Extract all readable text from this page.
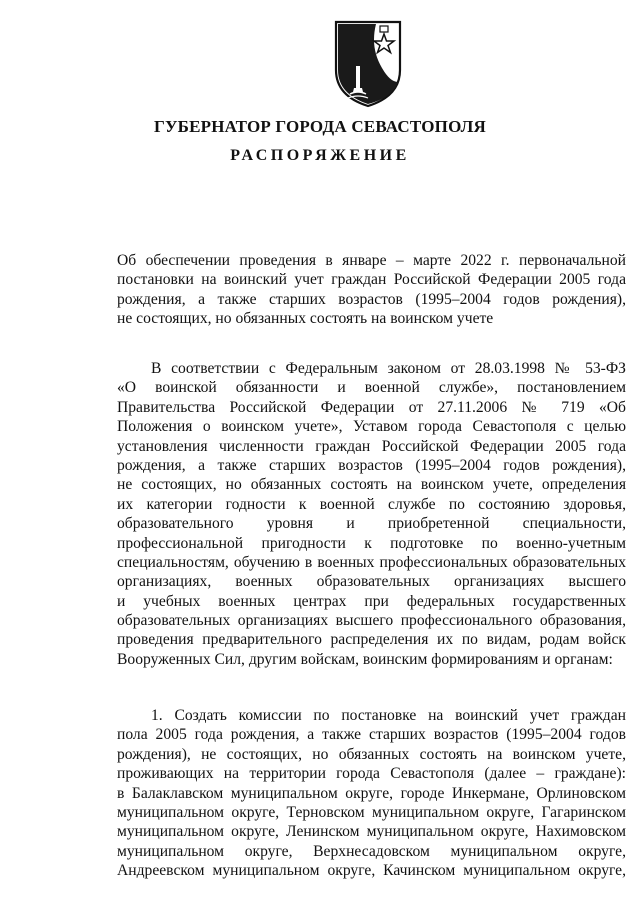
ГУБЕРНАТОР ГОРОДА СЕВАСТОПОЛЯ
РАСПОРЯЖЕНИЕ
Об обеспечении проведения в январе – марте 2022 г. первоначальной
постановки на воинский учет граждан Российской Федерации 2005 года
рождения, а также старших возрастов (1995–2004 годов рождения),
не состоящих, но обязанных состоять на воинском учете
В соответствии с Федеральным законом от 28.03.1998 № 53-ФЗ
«О воинской обязанности и военной службе», постановлением
Правительства Российской Федерации от 27.11.2006 № 719 «Об
Положения о воинском учете», Уставом города Севастополя с целью
установления численности граждан Российской Федерации 2005 года
рождения, а также старших возрастов (1995–2004 годов рождения),
не состоящих, но обязанных состоять на воинском учете, определения
их категории годности к военной службе по состоянию здоровья,
образовательного уровня и приобретенной специальности,
профессиональной пригодности к подготовке по военно-учетным
специальностям, обучению в военных профессиональных образовательных
организациях, военных образовательных организациях высшего
и учебных военных центрах при федеральных государственных
образовательных организациях высшего профессионального образования,
проведения предварительного распределения их по видам, родам войск
Вооруженных Сил, другим войскам, воинским формированиям и органам:
1. Создать комиссии по постановке на воинский учет граждан
пола 2005 года рождения, а также старших возрастов (1995–2004 годов
рождения), не состоящих, но обязанных состоять на воинском учете,
проживающих на территории города Севастополя (далее – граждане):
в Балаклавском муниципальном округе, городе Инкермане, Орлиновском
муниципальном округе, Терновском муниципальном округе, Гагаринском
муниципальном округе, Ленинском муниципальном округе, Нахимовском
муниципальном округе, Верхнесадовском муниципальном округе,
Андреевском муниципальном округе, Качинском муниципальном округе,
